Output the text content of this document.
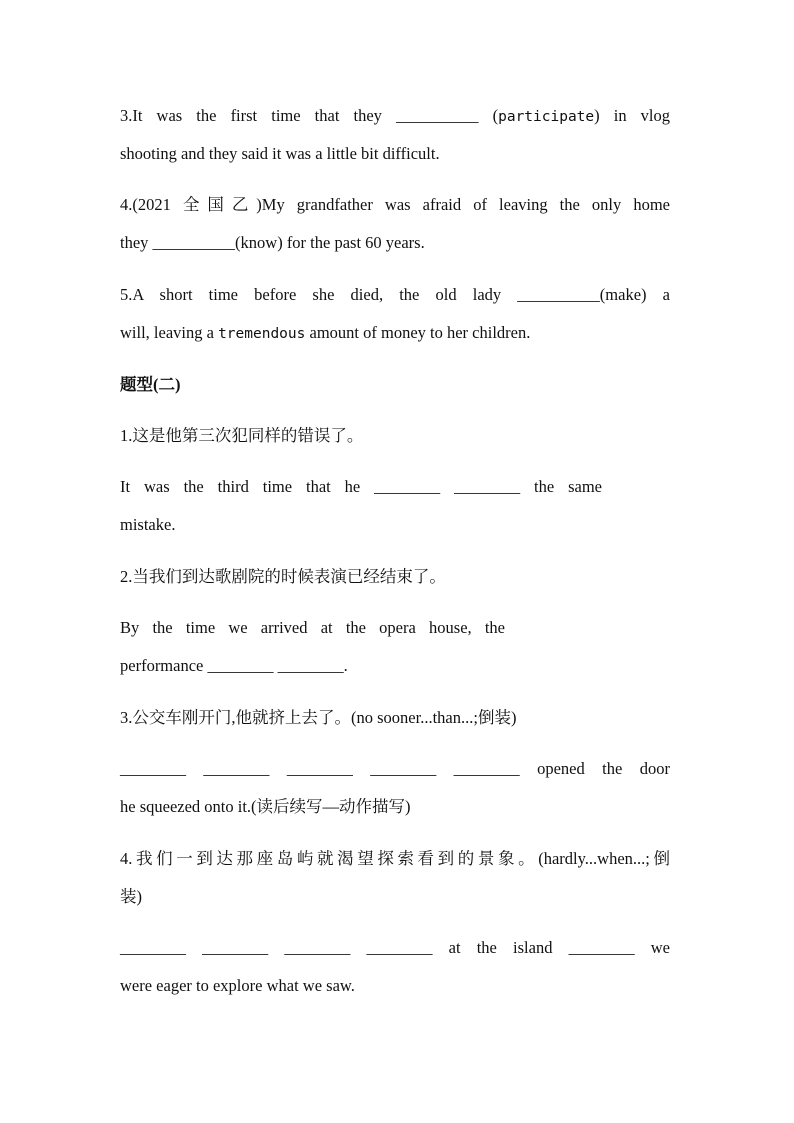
3.It was the first time that they __________ (participate) in vlog
shooting and they said it was a little bit difficult.
4.(2021 全国乙)My grandfather was afraid of leaving the only home
they __________(know) for the past 60 years.
5.A short time before she died, the old lady __________(make) a
will, leaving a tremendous amount of money to her children.
题型(二)
1.这是他第三次犯同样的错误了。
It was the third time that he ________ ________ the same
mistake.
2.当我们到达歌剧院的时候表演已经结束了。
By the time we arrived at the opera house, the
performance ________ ________.
3.公交车刚开门,他就挤上去了。(no sooner...than...;倒装)
________ ________ ________ ________ ________ opened the door
he squeezed onto it.(读后续写—动作描写)
4.我们一到达那座岛屿就渴望探索看到的景象。(hardly...when...;倒
装)
________ ________ ________ ________ at the island ________ we
were eager to explore what we saw.
